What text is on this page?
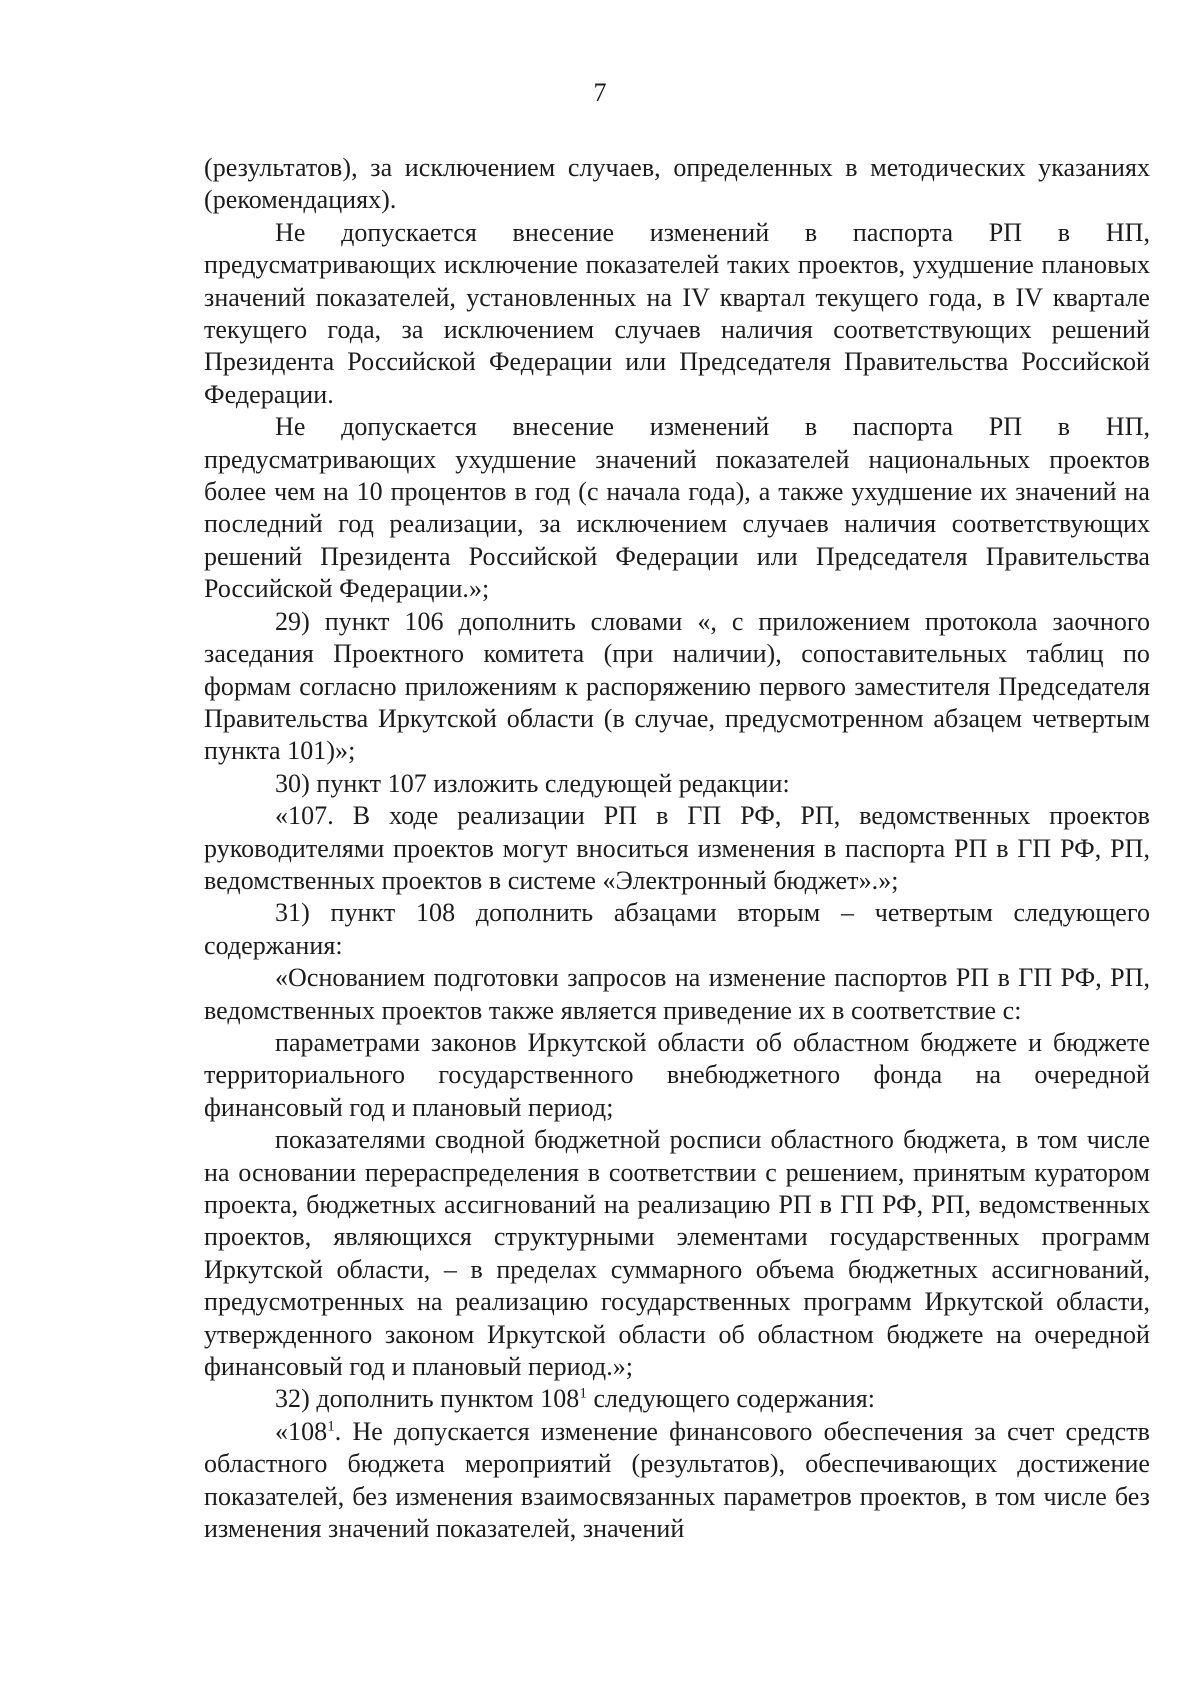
7

(результатов), за исключением случаев, определенных в методических указаниях (рекомендациях).

Не допускается внесение изменений в паспорта РП в НП, предусматривающих исключение показателей таких проектов, ухудшение плановых значений показателей, установленных на IV квартал текущего года, в IV квартале текущего года, за исключением случаев наличия соответствующих решений Президента Российской Федерации или Председателя Правительства Российской Федерации.

Не допускается внесение изменений в паспорта РП в НП, предусматривающих ухудшение значений показателей национальных проектов более чем на 10 процентов в год (с начала года), а также ухудшение их значений на последний год реализации, за исключением случаев наличия соответствующих решений Президента Российской Федерации или Председателя Правительства Российской Федерации.»;

29) пункт 106 дополнить словами «, с приложением протокола заочного заседания Проектного комитета (при наличии), сопоставительных таблиц по формам согласно приложениям к распоряжению первого заместителя Председателя Правительства Иркутской области (в случае, предусмотренном абзацем четвертым пункта 101)»;

30) пункт 107 изложить следующей редакции:

«107. В ходе реализации РП в ГП РФ, РП, ведомственных проектов руководителями проектов могут вноситься изменения в паспорта РП в ГП РФ, РП, ведомственных проектов в системе «Электронный бюджет».»;

31) пункт 108 дополнить абзацами вторым – четвертым следующего содержания:

«Основанием подготовки запросов на изменение паспортов РП в ГП РФ, РП, ведомственных проектов также является приведение их в соответствие с:

параметрами законов Иркутской области об областном бюджете и бюджете территориального государственного внебюджетного фонда на очередной финансовый год и плановый период;

показателями сводной бюджетной росписи областного бюджета, в том числе на основании перераспределения в соответствии с решением, принятым куратором проекта, бюджетных ассигнований на реализацию РП в ГП РФ, РП, ведомственных проектов, являющихся структурными элементами государственных программ Иркутской области, – в пределах суммарного объема бюджетных ассигнований, предусмотренных на реализацию государственных программ Иркутской области, утвержденного законом Иркутской области об областном бюджете на очередной финансовый год и плановый период.»;

32) дополнить пунктом $108^1$ следующего содержания:

«$108^1$. Не допускается изменение финансового обеспечения за счет средств областного бюджета мероприятий (результатов), обеспечивающих достижение показателей, без изменения взаимосвязанных параметров проектов, в том числе без изменения значений показателей, значений
